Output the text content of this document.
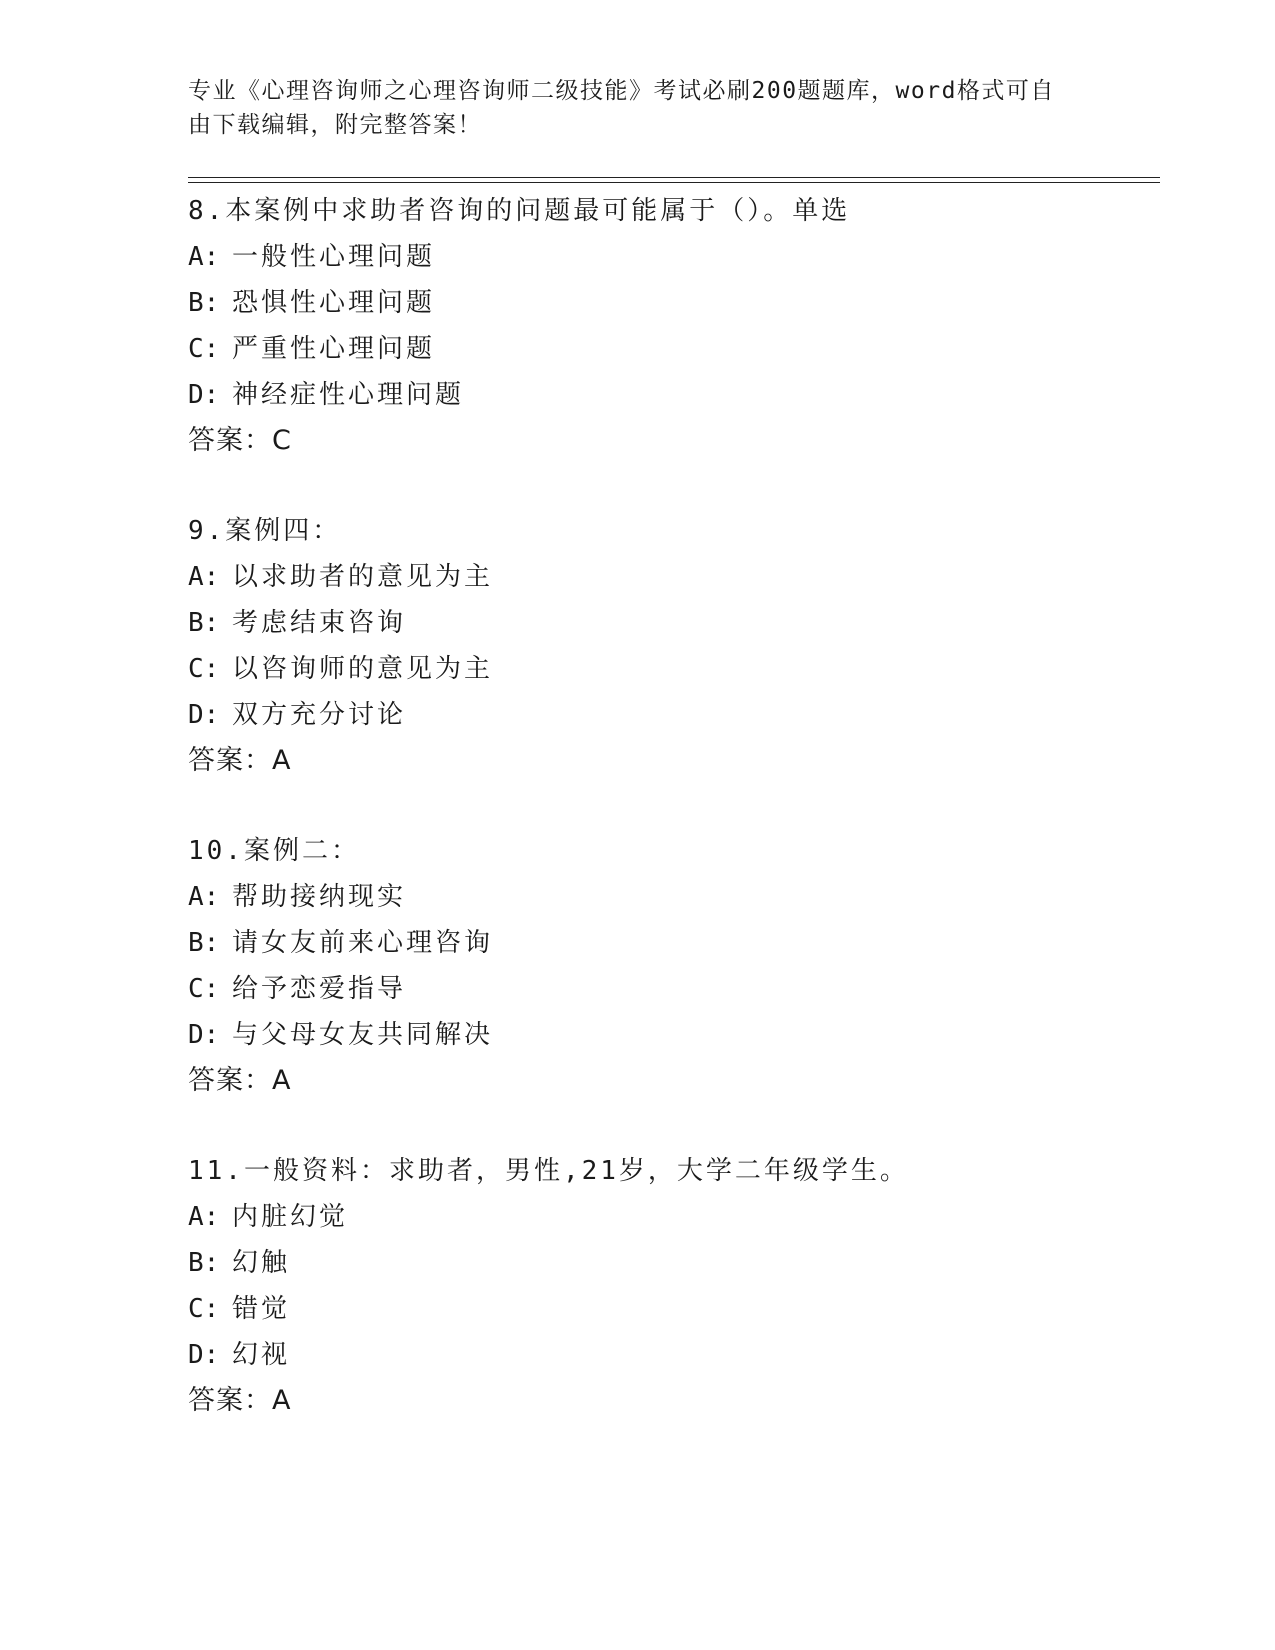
专业《心理咨询师之心理咨询师二级技能》考试必刷200题题库，word格式可自由下载编辑，附完整答案！
8.本案例中求助者咨询的问题最可能属于（）。单选
A: 一般性心理问题
B: 恐惧性心理问题
C: 严重性心理问题
D: 神经症性心理问题
答案：C
9.案例四：
A: 以求助者的意见为主
B: 考虑结束咨询
C: 以咨询师的意见为主
D: 双方充分讨论
答案：A
10.案例二：
A: 帮助接纳现实
B: 请女友前来心理咨询
C: 给予恋爱指导
D: 与父母女友共同解决
答案：A
11.一般资料：求助者，男性,21岁，大学二年级学生。
A: 内脏幻觉
B: 幻触
C: 错觉
D: 幻视
答案：A
